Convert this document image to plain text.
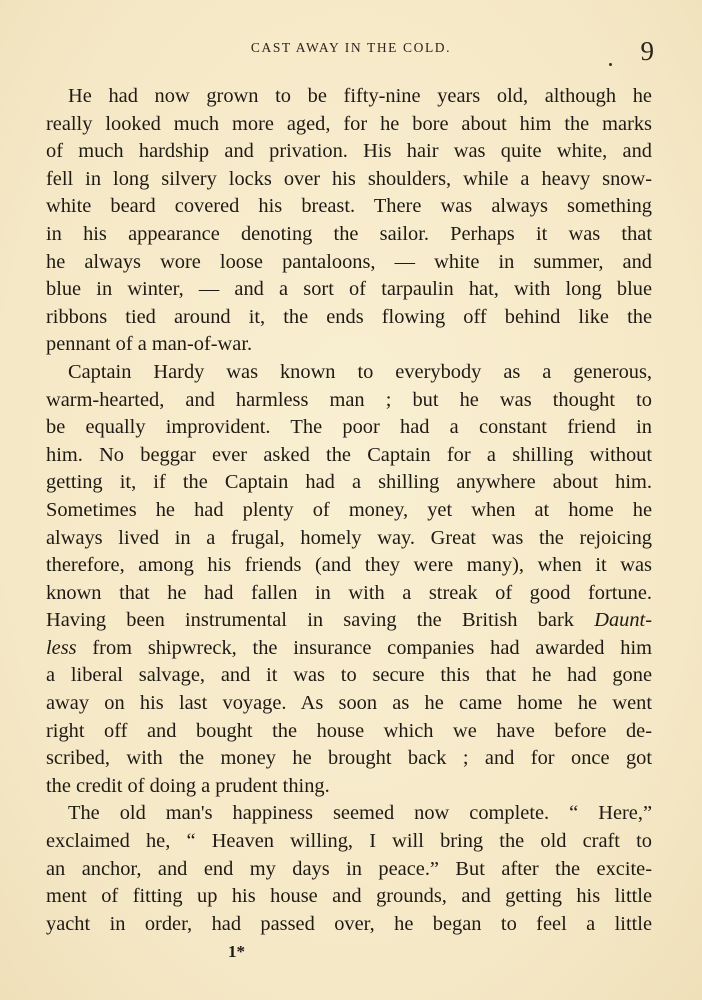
CAST AWAY IN THE COLD.	9
He had now grown to be fifty-nine years old, although he
really looked much more aged, for he bore about him the marks
of much hardship and privation. His hair was quite white, and
fell in long silvery locks over his shoulders, while a heavy snow-
white beard covered his breast. There was always something
in his appearance denoting the sailor. Perhaps it was that
he always wore loose pantaloons, — white in summer, and
blue in winter, — and a sort of tarpaulin hat, with long blue
ribbons tied around it, the ends flowing off behind like the
pennant of a man-of-war.
Captain Hardy was known to everybody as a generous,
warm-hearted, and harmless man ; but he was thought to
be equally improvident. The poor had a constant friend in
him. No beggar ever asked the Captain for a shilling without
getting it, if the Captain had a shilling anywhere about him.
Sometimes he had plenty of money, yet when at home he
always lived in a frugal, homely way. Great was the rejoicing
therefore, among his friends (and they were many), when it was
known that he had fallen in with a streak of good fortune.
Having been instrumental in saving the British bark Daunt-
less from shipwreck, the insurance companies had awarded him
a liberal salvage, and it was to secure this that he had gone
away on his last voyage. As soon as he came home he went
right off and bought the house which we have before de-
scribed, with the money he brought back ; and for once got
the credit of doing a prudent thing.
The old man's happiness seemed now complete. “ Here,”
exclaimed he, “ Heaven willing, I will bring the old craft to
an anchor, and end my days in peace.” But after the excite-
ment of fitting up his house and grounds, and getting his little
yacht in order, had passed over, he began to feel a little
1*
